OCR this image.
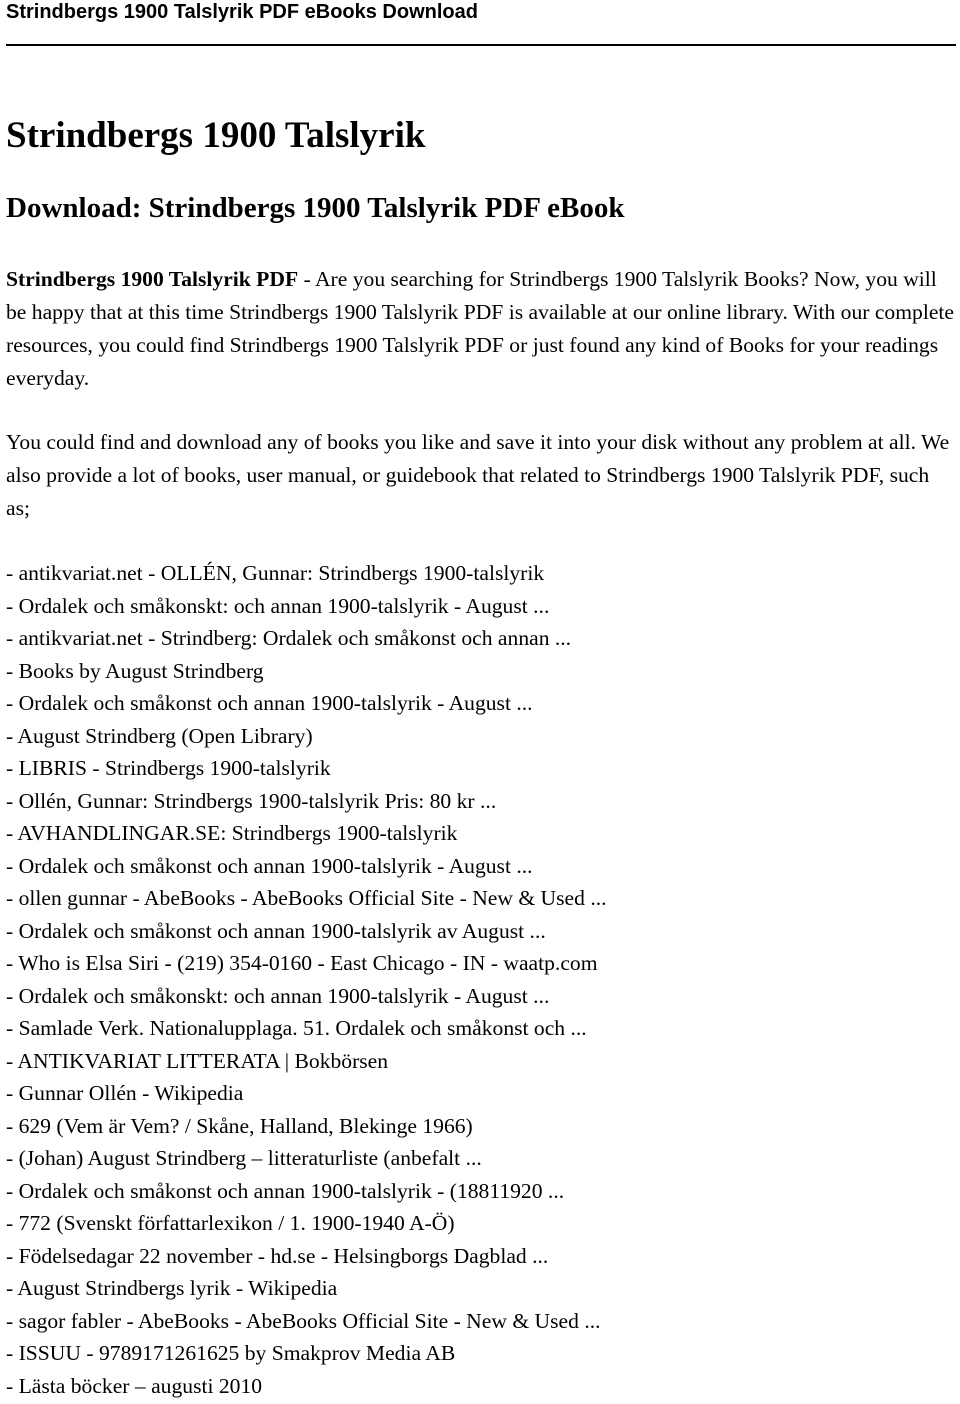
Strindbergs 1900 Talslyrik PDF eBooks Download
Strindbergs 1900 Talslyrik
Download: Strindbergs 1900 Talslyrik PDF eBook

Strindbergs 1900 Talslyrik PDF - Are you searching for Strindbergs 1900 Talslyrik Books? Now, you will be happy that at this time Strindbergs 1900 Talslyrik PDF is available at our online library. With our complete resources, you could find Strindbergs 1900 Talslyrik PDF or just found any kind of Books for your readings everyday.

You could find and download any of books you like and save it into your disk without any problem at all. We also provide a lot of books, user manual, or guidebook that related to Strindbergs 1900 Talslyrik PDF, such as;

- antikvariat.net - OLLÉN, Gunnar: Strindbergs 1900-talslyrik
- Ordalek och småkonskt: och annan 1900-talslyrik - August ...
- antikvariat.net - Strindberg: Ordalek och småkonst och annan ...
- Books by August Strindberg
- Ordalek och småkonst och annan 1900-talslyrik - August ...
- August Strindberg (Open Library)
- LIBRIS - Strindbergs 1900-talslyrik
- Ollén, Gunnar: Strindbergs 1900-talslyrik Pris: 80 kr ...
- AVHANDLINGAR.SE: Strindbergs 1900-talslyrik
- Ordalek och småkonst och annan 1900-talslyrik - August ...
- ollen gunnar - AbeBooks - AbeBooks Official Site - New & Used ...
- Ordalek och småkonst och annan 1900-talslyrik av August ...
- Who is Elsa Siri - (219) 354-0160 - East Chicago - IN - waatp.com
- Ordalek och småkonskt: och annan 1900-talslyrik - August ...
- Samlade Verk. Nationalupplaga. 51. Ordalek och småkonst och ...
- ANTIKVARIAT LITTERATA | Bokbörsen
- Gunnar Ollén - Wikipedia
- 629 (Vem är Vem? / Skåne, Halland, Blekinge 1966)
- (Johan) August Strindberg – litteraturliste (anbefalt ...
- Ordalek och småkonst och annan 1900-talslyrik - (18811920 ...
- 772 (Svenskt författarlexikon / 1. 1900-1940 A-Ö)
- Födelsedagar 22 november - hd.se - Helsingborgs Dagblad ...
- August Strindbergs lyrik - Wikipedia
- sagor fabler - AbeBooks - AbeBooks Official Site - New & Used ...
- ISSUU - 9789171261625 by Smakprov Media AB
- Lästa böcker – augusti 2010
